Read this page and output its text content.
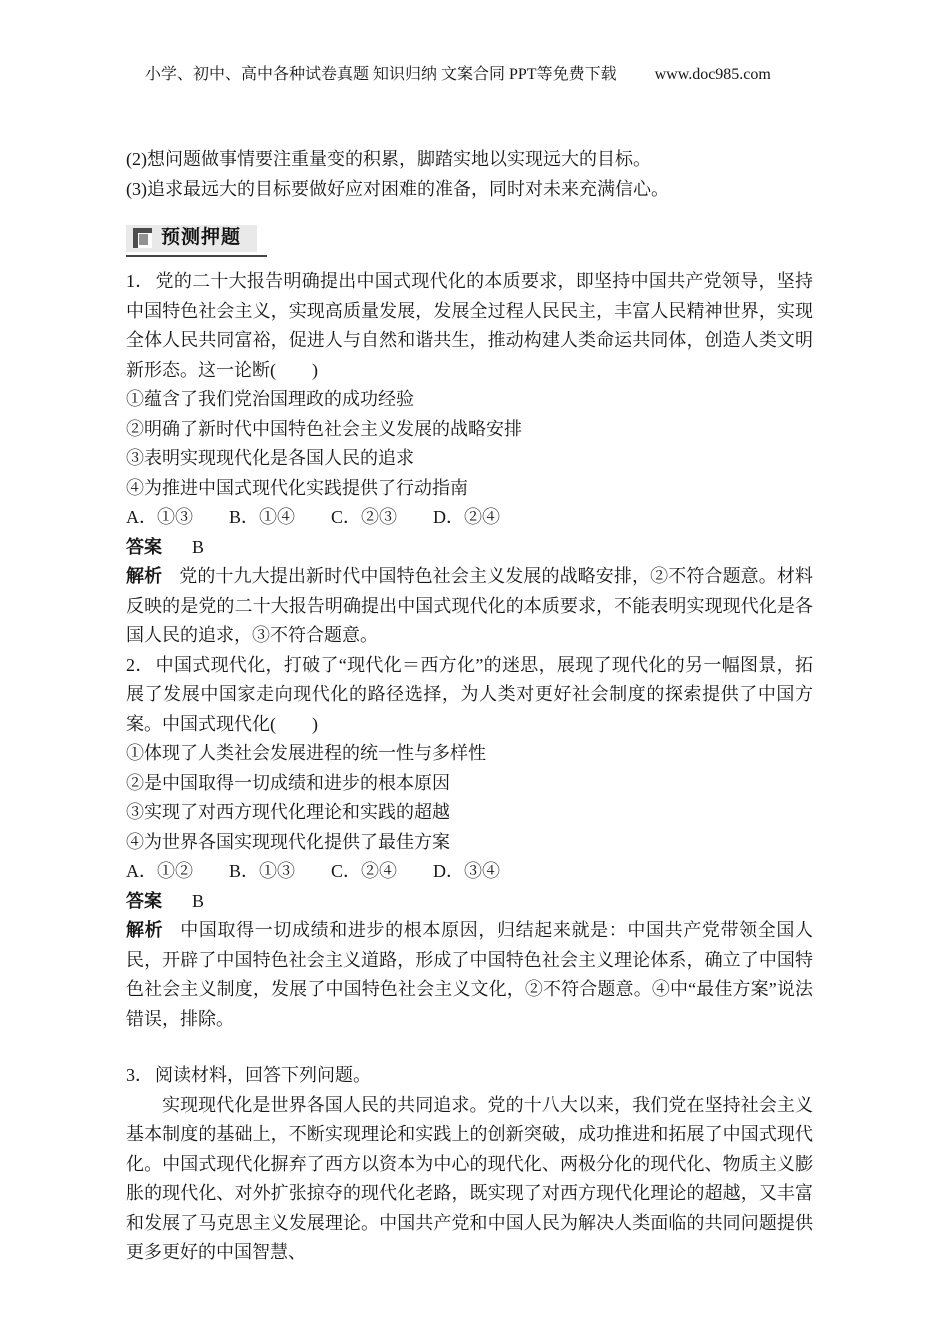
小学、初中、高中各种试卷真题 知识归纳 文案合同 PPT等免费下载 www.doc985.com

(2)想问题做事情要注重量变的积累，脚踏实地以实现远大的目标。

(3)追求最远大的目标要做好应对困难的准备，同时对未来充满信心。

预测押题

1． 党的二十大报告明确提出中国式现代化的本质要求，即坚持中国共产党领导，坚持中国特色社会主义，实现高质量发展，发展全过程人民民主，丰富人民精神世界，实现全体人民共同富裕，促进人与自然和谐共生，推动构建人类命运共同体，创造人类文明新形态。这一论断(　　)

①蕴含了我们党治国理政的成功经验

②明确了新时代中国特色社会主义发展的战略安排

③表明实现现代化是各国人民的追求

④为推进中国式现代化实践提供了行动指南

A．①③　　B．①④　　C．②③　　D．②④

答案 B

解析 党的十九大提出新时代中国特色社会主义发展的战略安排，②不符合题意。材料反映的是党的二十大报告明确提出中国式现代化的本质要求，不能表明实现现代化是各国人民的追求，③不符合题意。

2． 中国式现代化，打破了“现代化＝西方化”的迷思，展现了现代化的另一幅图景，拓展了发展中国家走向现代化的路径选择，为人类对更好社会制度的探索提供了中国方案。中国式现代化(　　)

①体现了人类社会发展进程的统一性与多样性

②是中国取得一切成绩和进步的根本原因

③实现了对西方现代化理论和实践的超越

④为世界各国实现现代化提供了最佳方案

A．①②　　B．①③　　C．②④　　D．③④

答案 B

解析 中国取得一切成绩和进步的根本原因，归结起来就是：中国共产党带领全国人民，开辟了中国特色社会主义道路，形成了中国特色社会主义理论体系，确立了中国特色社会主义制度，发展了中国特色社会主义文化，②不符合题意。④中“最佳方案”说法错误，排除。

3． 阅读材料，回答下列问题。

实现现代化是世界各国人民的共同追求。党的十八大以来，我们党在坚持社会主义基本制度的基础上，不断实现理论和实践上的创新突破，成功推进和拓展了中国式现代化。中国式现代化摒弃了西方以资本为中心的现代化、两极分化的现代化、物质主义膨胀的现代化、对外扩张掠夺的现代化老路，既实现了对西方现代化理论的超越，又丰富和发展了马克思主义发展理论。中国共产党和中国人民为解决人类面临的共同问题提供更多更好的中国智慧、
